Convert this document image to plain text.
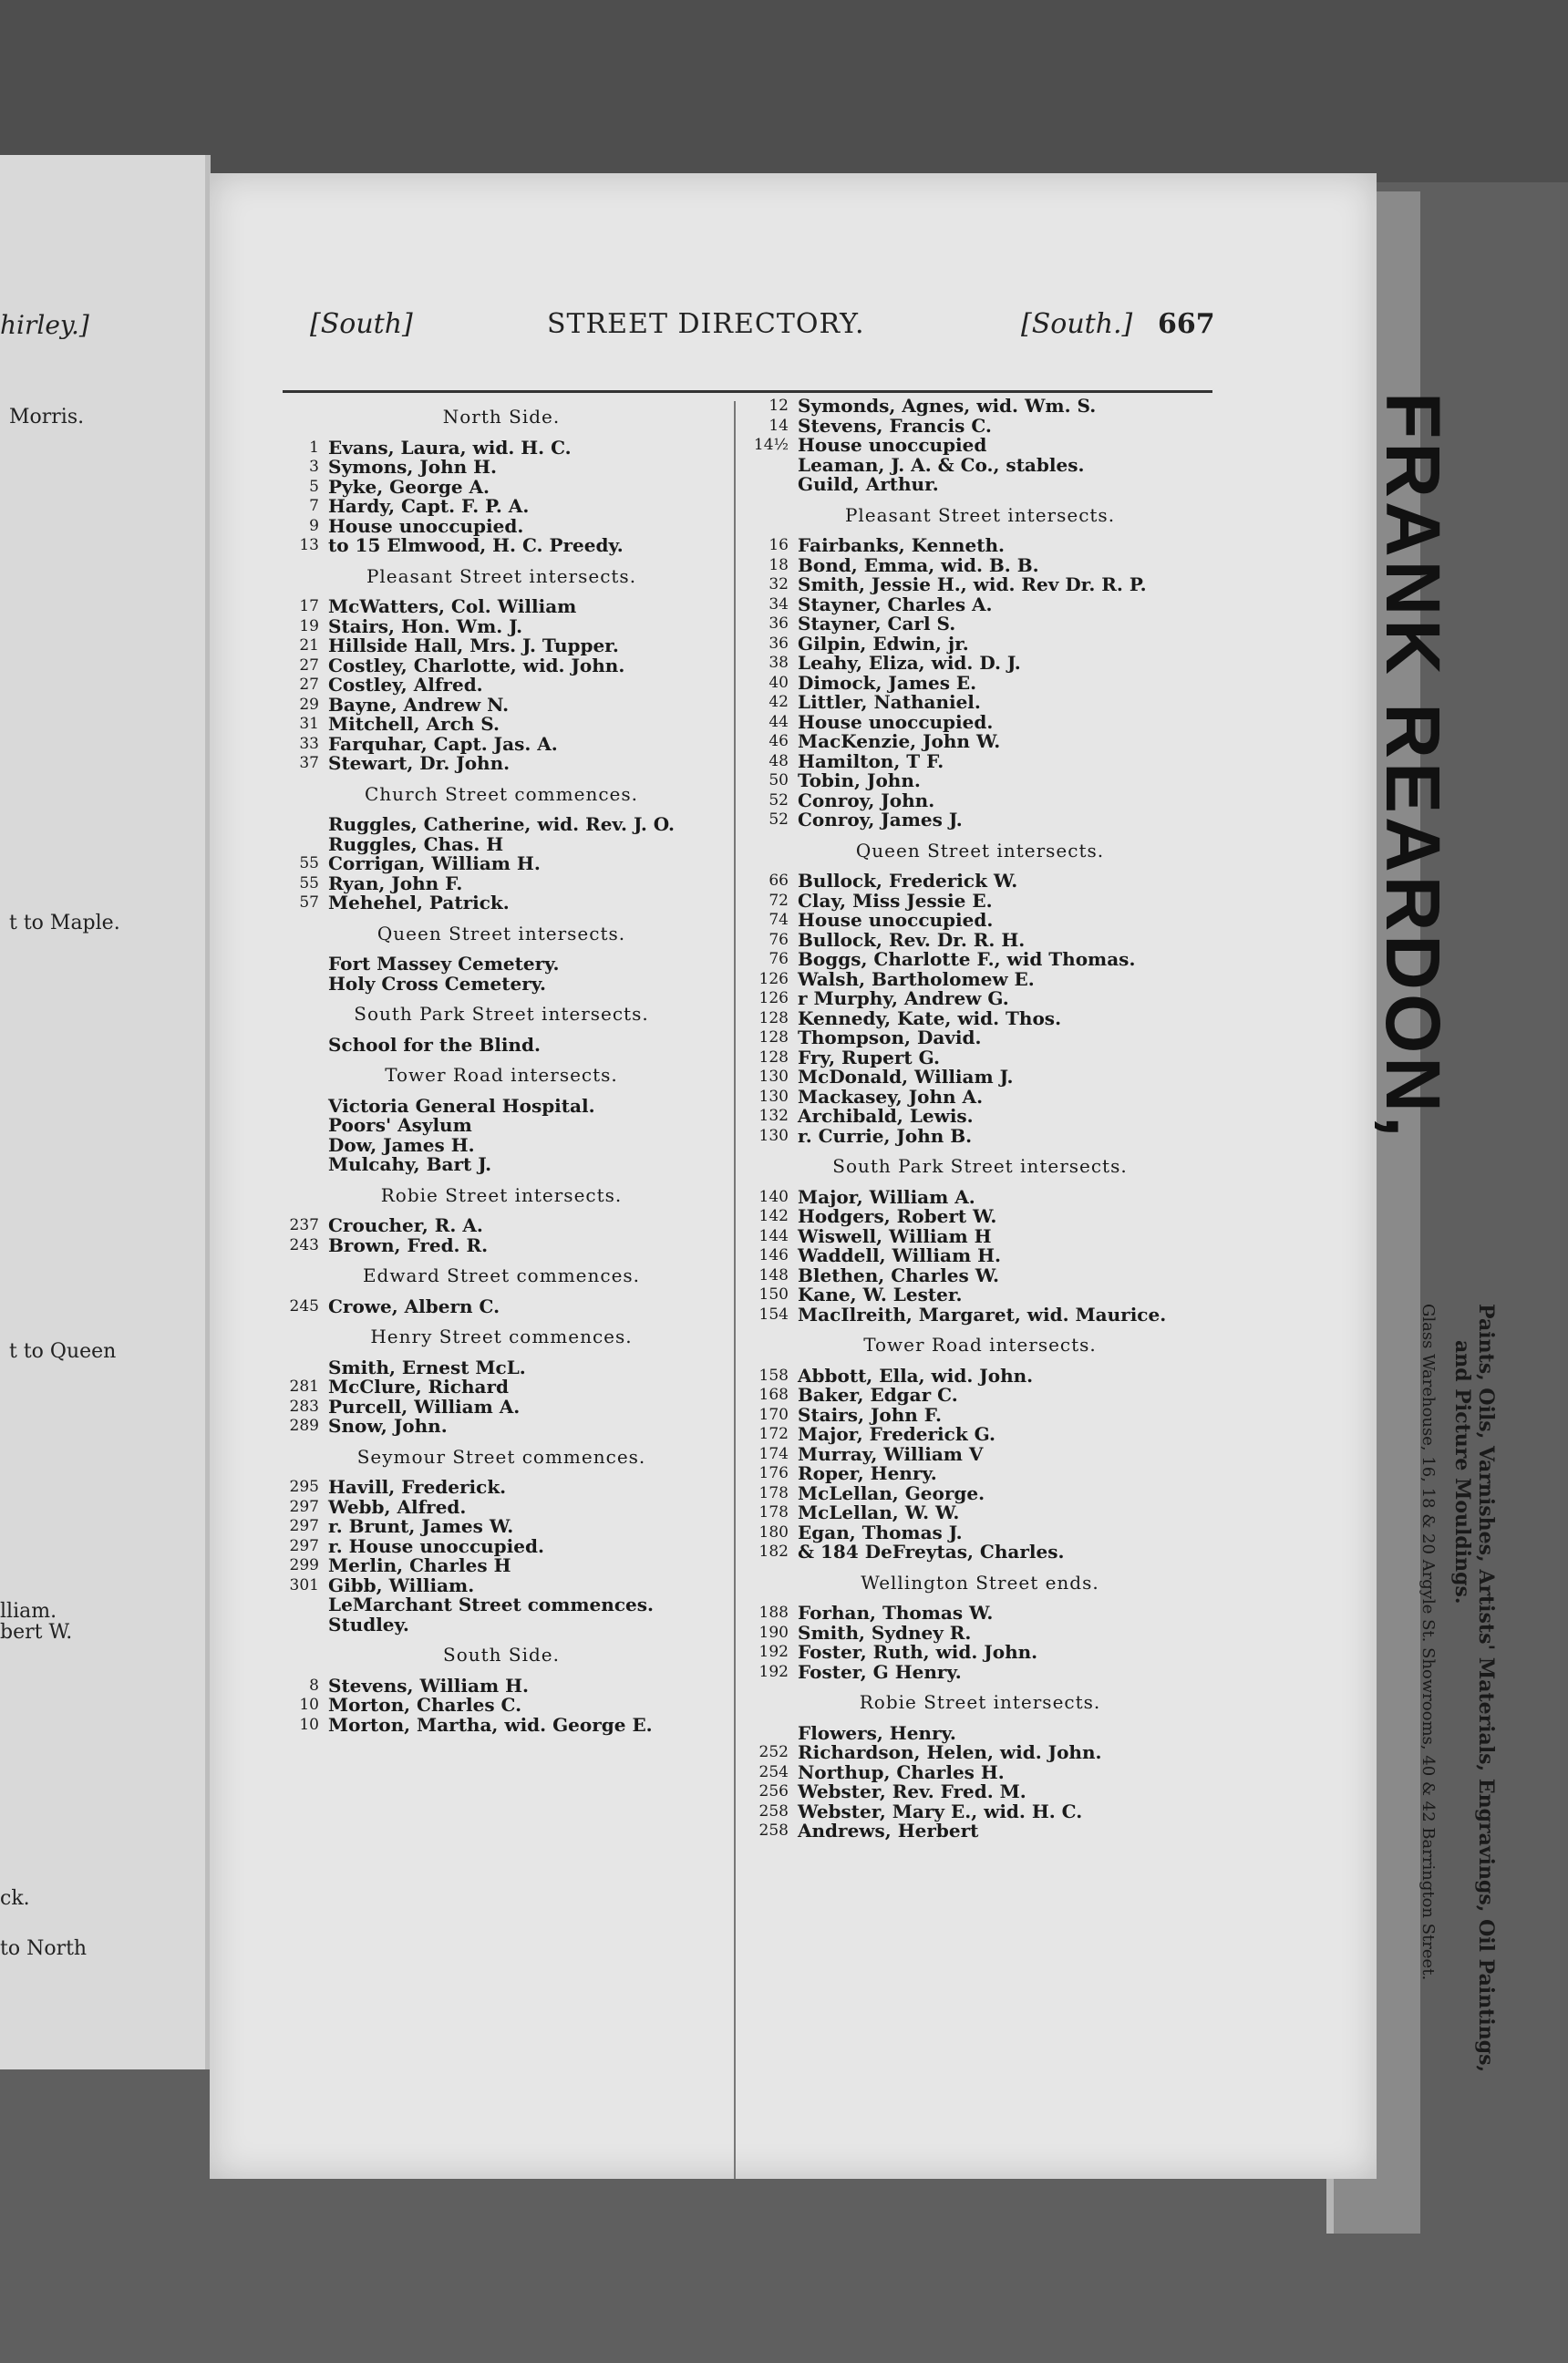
hirley.]
Morris.
t to Maple.
t to Queen
lliam.
bert W.
ck.
to North
[South]	STREET DIRECTORY.	[South.] 667
North Side.
1 Evans, Laura, wid. H. C.
3 Symons, John H.
5 Pyke, George A.
7 Hardy, Capt. F. P. A.
9 House unoccupied.
13 to 15 Elmwood, H. C. Preedy.
Pleasant Street intersects.
17 McWatters, Col. William
19 Stairs, Hon. Wm. J.
21 Hillside Hall, Mrs. J. Tupper.
27 Costley, Charlotte, wid. John.
27 Costley, Alfred.
29 Bayne, Andrew N.
31 Mitchell, Arch S.
33 Farquhar, Capt. Jas. A.
37 Stewart, Dr. John.
Church Street commences.
Ruggles, Catherine, wid. Rev. J. O.
Ruggles, Chas. H
55 Corrigan, William H.
55 Ryan, John F.
57 Mehehel, Patrick.
Queen Street intersects.
Fort Massey Cemetery.
Holy Cross Cemetery.
South Park Street intersects.
School for the Blind.
Tower Road intersects.
Victoria General Hospital.
Poors' Asylum
Dow, James H.
Mulcahy, Bart J.
Robie Street intersects.
237 Croucher, R. A.
243 Brown, Fred. R.
Edward Street commences.
245 Crowe, Albern C.
Henry Street commences.
Smith, Ernest McL.
281 McClure, Richard
283 Purcell, William A.
289 Snow, John.
Seymour Street commences.
295 Havill, Frederick.
297 Webb, Alfred.
297 r. Brunt, James W.
297 r. House unoccupied.
299 Merlin, Charles H
301 Gibb, William.
LeMarchant Street commences.
Studley.
South Side.
8 Stevens, William H.
10 Morton, Charles C.
10 Morton, Martha, wid. George E.
12 Symonds, Agnes, wid. Wm. S.
14 Stevens, Francis C.
14½ House unoccupied
Leaman, J. A. & Co., stables.
Guild, Arthur.
Pleasant Street intersects.
16 Fairbanks, Kenneth.
18 Bond, Emma, wid. B. B.
32 Smith, Jessie H., wid. Rev Dr. R. P.
34 Stayner, Charles A.
36 Stayner, Carl S.
36 Gilpin, Edwin, jr.
38 Leahy, Eliza, wid. D. J.
40 Dimock, James E.
42 Littler, Nathaniel.
44 House unoccupied.
46 MacKenzie, John W.
48 Hamilton, T F.
50 Tobin, John.
52 Conroy, John.
52 Conroy, James J.
Queen Street intersects.
66 Bullock, Frederick W.
72 Clay, Miss Jessie E.
74 House unoccupied.
76 Bullock, Rev. Dr. R. H.
76 Boggs, Charlotte F., wid Thomas.
126 Walsh, Bartholomew E.
126 r Murphy, Andrew G.
128 Kennedy, Kate, wid. Thos.
128 Thompson, David.
128 Fry, Rupert G.
130 McDonald, William J.
130 Mackasey, John A.
132 Archibald, Lewis.
130 r. Currie, John B.
South Park Street intersects.
140 Major, William A.
142 Hodgers, Robert W.
144 Wiswell, William H
146 Waddell, William H.
148 Blethen, Charles W.
150 Kane, W. Lester.
154 MacIlreith, Margaret, wid. Maurice.
Tower Road intersects.
158 Abbott, Ella, wid. John.
168 Baker, Edgar C.
170 Stairs, John F.
172 Major, Frederick G.
174 Murray, William V
176 Roper, Henry.
178 McLellan, George.
178 McLellan, W. W.
180 Egan, Thomas J.
182 & 184 DeFreytas, Charles.
Wellington Street ends.
188 Forhan, Thomas W.
190 Smith, Sydney R.
192 Foster, Ruth, wid. John.
192 Foster, G Henry.
Robie Street intersects.
Flowers, Henry.
252 Richardson, Helen, wid. John.
254 Northup, Charles H.
256 Webster, Rev. Fred. M.
258 Webster, Mary E., wid. H. C.
258 Andrews, Herbert
FRANK REARDON,
Paints, Oils, Varnishes, Artists' Materials, Engravings, Oil Paintings,
and Picture Mouldings.
Glass Warehouse, 16, 18 & 20 Argyle St. Showrooms, 40 & 42 Barrington Street.
